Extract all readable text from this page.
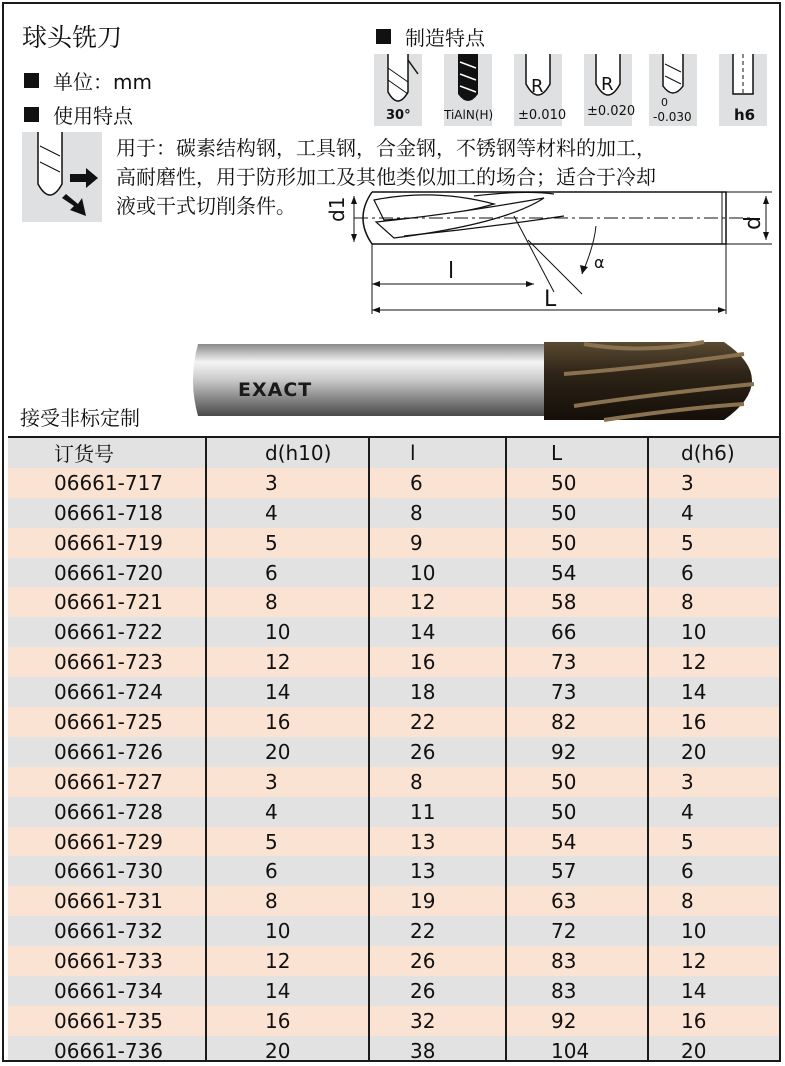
球头铣刀
单位：mm
使用特点
制造特点
30°	TiAlN(H)
R
±0.010
R
±0.020
0
-0.030	h6
用于：碳素结构钢，工具钢，合金钢，不锈钢等材料的加工，
高耐磨性，用于防形加工及其他类似加工的场合；适合于冷却
液或干式切削条件。	d1
d
l
L
α
EXACT
接受非标定制
订货号	d(h10)	l	L	d(h6)
06661-717	3	6	50	3
06661-718	4	8	50	4
06661-719	5	9	50	5
06661-720	6	10	54	6
06661-721	8	12	58	8
06661-722	10	14	66	10
06661-723	12	16	73	12
06661-724	14	18	73	14
06661-725	16	22	82	16
06661-726	20	26	92	20
06661-727	3	8	50	3
06661-728	4	11	50	4
06661-729	5	13	54	5
06661-730	6	13	57	6
06661-731	8	19	63	8
06661-732	10	22	72	10
06661-733	12	26	83	12
06661-734	14	26	83	14
06661-735	16	32	92	16
06661-736	20	38	104	20
